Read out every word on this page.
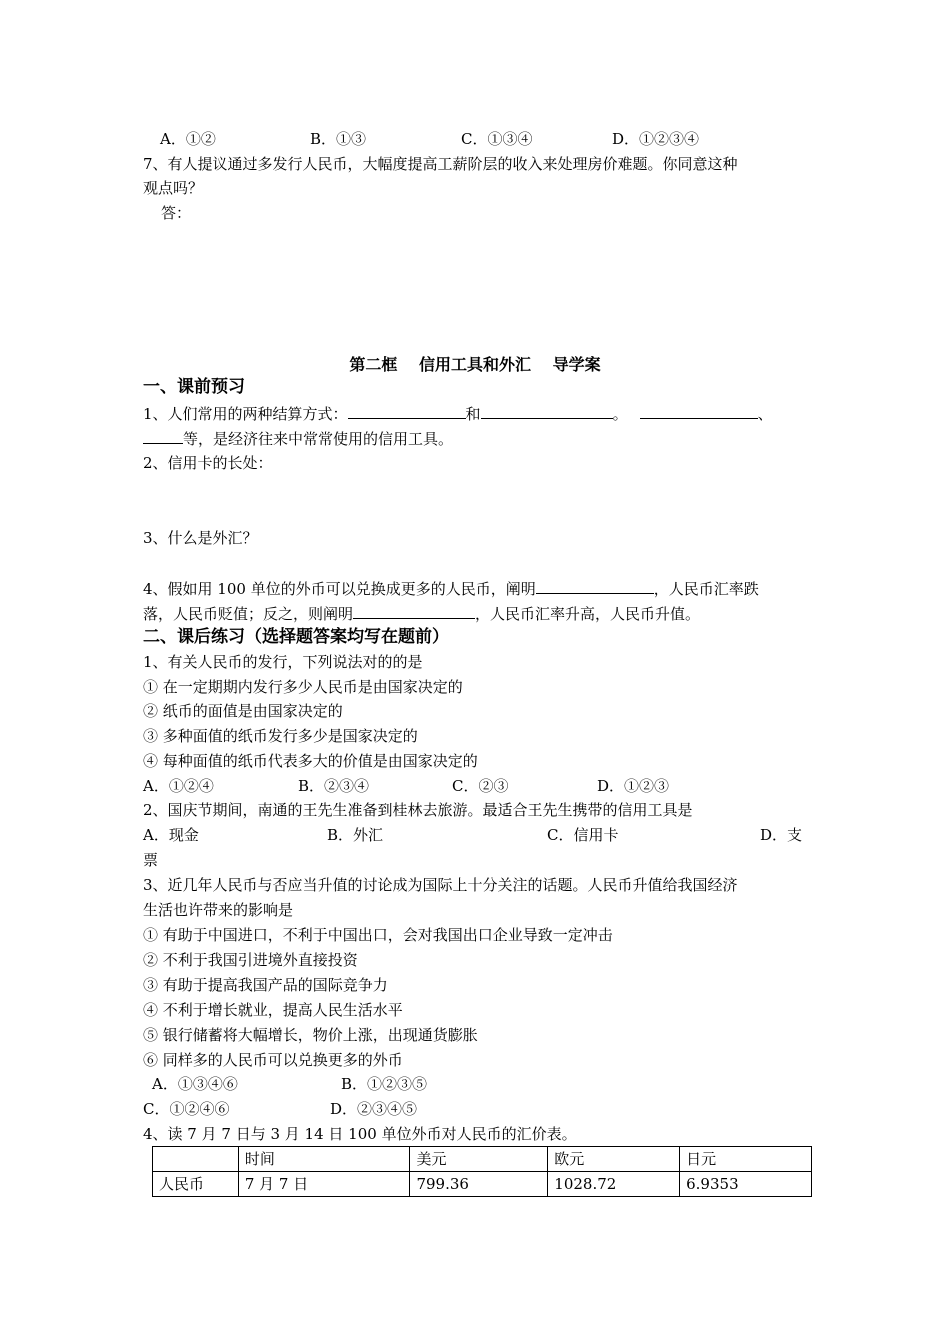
A．①②	B．①③	C．①③④	D．①②③④
7、有人提议通过多发行人民币，大幅度提高工薪阶层的收入来处理房价难题。你同意这种
观点吗？
答：
第二框　 信用工具和外汇　 导学案
一、课前预习
1、人们常用的两种结算方式：	和	。	、
等，是经济往来中常常使用的信用工具。
2、信用卡的长处：
3、什么是外汇？
4、假如用 100 单位的外币可以兑换成更多的人民币，阐明	，人民币汇率跌
落，人民币贬值；反之，则阐明	，人民币汇率升高，人民币升值。
二、课后练习（选择题答案均写在题前）
1、有关人民币的发行，下列说法对的的是
① 在一定期期内发行多少人民币是由国家决定的
② 纸币的面值是由国家决定的
③ 多种面值的纸币发行多少是国家决定的
④ 每种面值的纸币代表多大的价值是由国家决定的
A．①②④	B．②③④	C．②③	D．①②③
2、国庆节期间，南通的王先生准备到桂林去旅游。最适合王先生携带的信用工具是
A．现金	B．外汇	C．信用卡	D．支
票
3、近几年人民币与否应当升值的讨论成为国际上十分关注的话题。人民币升值给我国经济
生活也许带来的影响是
① 有助于中国进口，不利于中国出口，会对我国出口企业导致一定冲击
② 不利于我国引进境外直接投资
③ 有助于提高我国产品的国际竞争力
④ 不利于增长就业，提高人民生活水平
⑤ 银行储蓄将大幅增长，物价上涨，出现通货膨胀
⑥ 同样多的人民币可以兑换更多的外币
A．①③④⑥	B．①②③⑤
C．①②④⑥	D．②③④⑤
4、读 7 月 7 日与 3 月 14 日 100 单位外币对人民币的汇价表。
	时间	美元	欧元	日元
人民币	7 月 7 日	799.36	1028.72	6.9353
